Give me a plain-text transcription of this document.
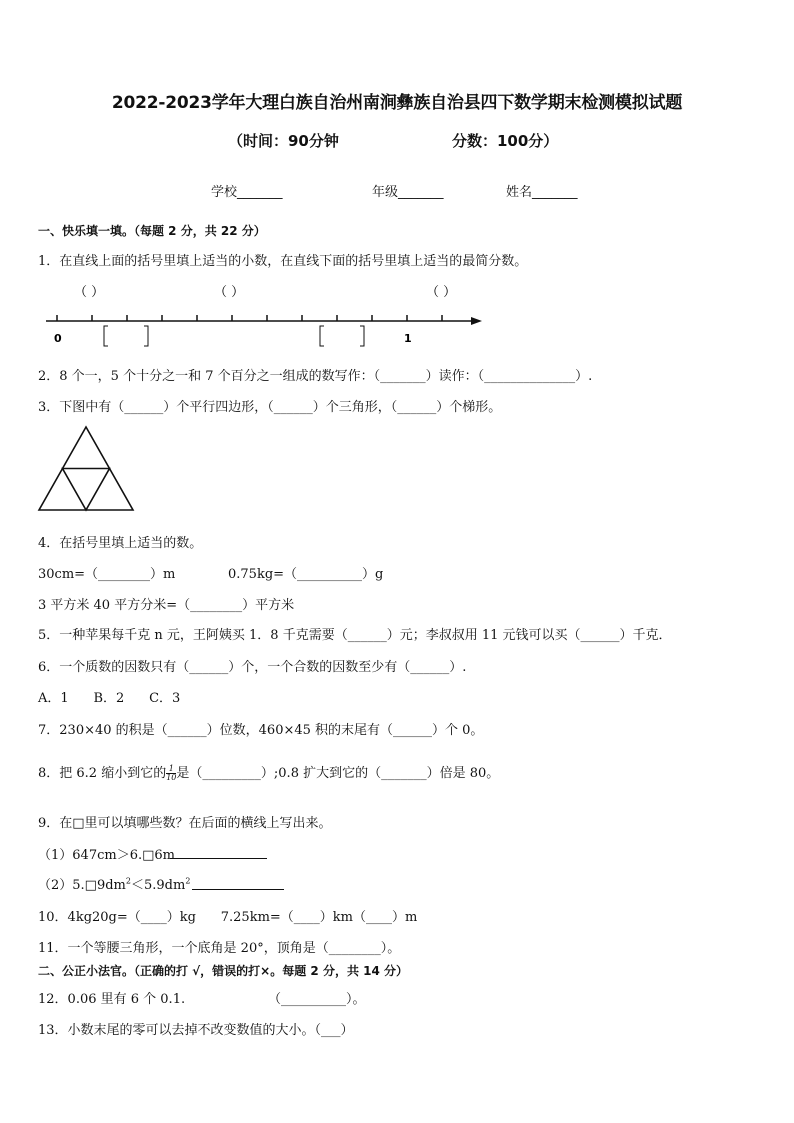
2022-2023学年大理白族自治州南涧彝族自治县四下数学期末检测模拟试题
（时间：90分钟	分数：100分）
学校_______	年级_______	姓名_______
一、快乐填一填。（每题 2 分，共 22 分）
1．在直线上面的括号里填上适当的小数，在直线下面的括号里填上适当的最简分数。
0	1
（ ）	（ ）	（ ）
2．8 个一，5 个十分之一和 7 个百分之一组成的数写作：（_______）读作：（______________）.
3．下图中有（______）个平行四边形，（______）个三角形，（______）个梯形。
4．在括号里填上适当的数。
30cm=（________）m	0.75kg=（__________）g
3 平方米 40 平方分米=（________）平方米
5．一种苹果每千克 n 元，王阿姨买 1．8 千克需要（______）元；李叔叔用 11 元钱可以买（______）千克．
6．一个质数的因数只有（______）个，一个合数的因数至少有（______）.
A．1      B．2      C．3
7．230×40 的积是（______）位数，460×45 积的末尾有（______）个 0。
8．把 6.2 缩小到它的 $\frac{1}{10}$ 是（_________）;0.8 扩大到它的（_______）倍是 80。
9．在□里可以填哪些数？在后面的横线上写出来。
（1）647cm＞6.□6m
$(2)5.□9dm^2<5.9dm^2$
10．4kg20g=（____）kg      7.25km=（____）km（____）m
11．一个等腰三角形，一个底角是 20°，顶角是（________）。
二、公正小法官。（正确的打 √，错误的打×。每题 2 分，共 14 分）
12．0.06 里有 6 个 0.1.	（__________）。
13．小数末尾的零可以去掉不改变数值的大小。（___）
